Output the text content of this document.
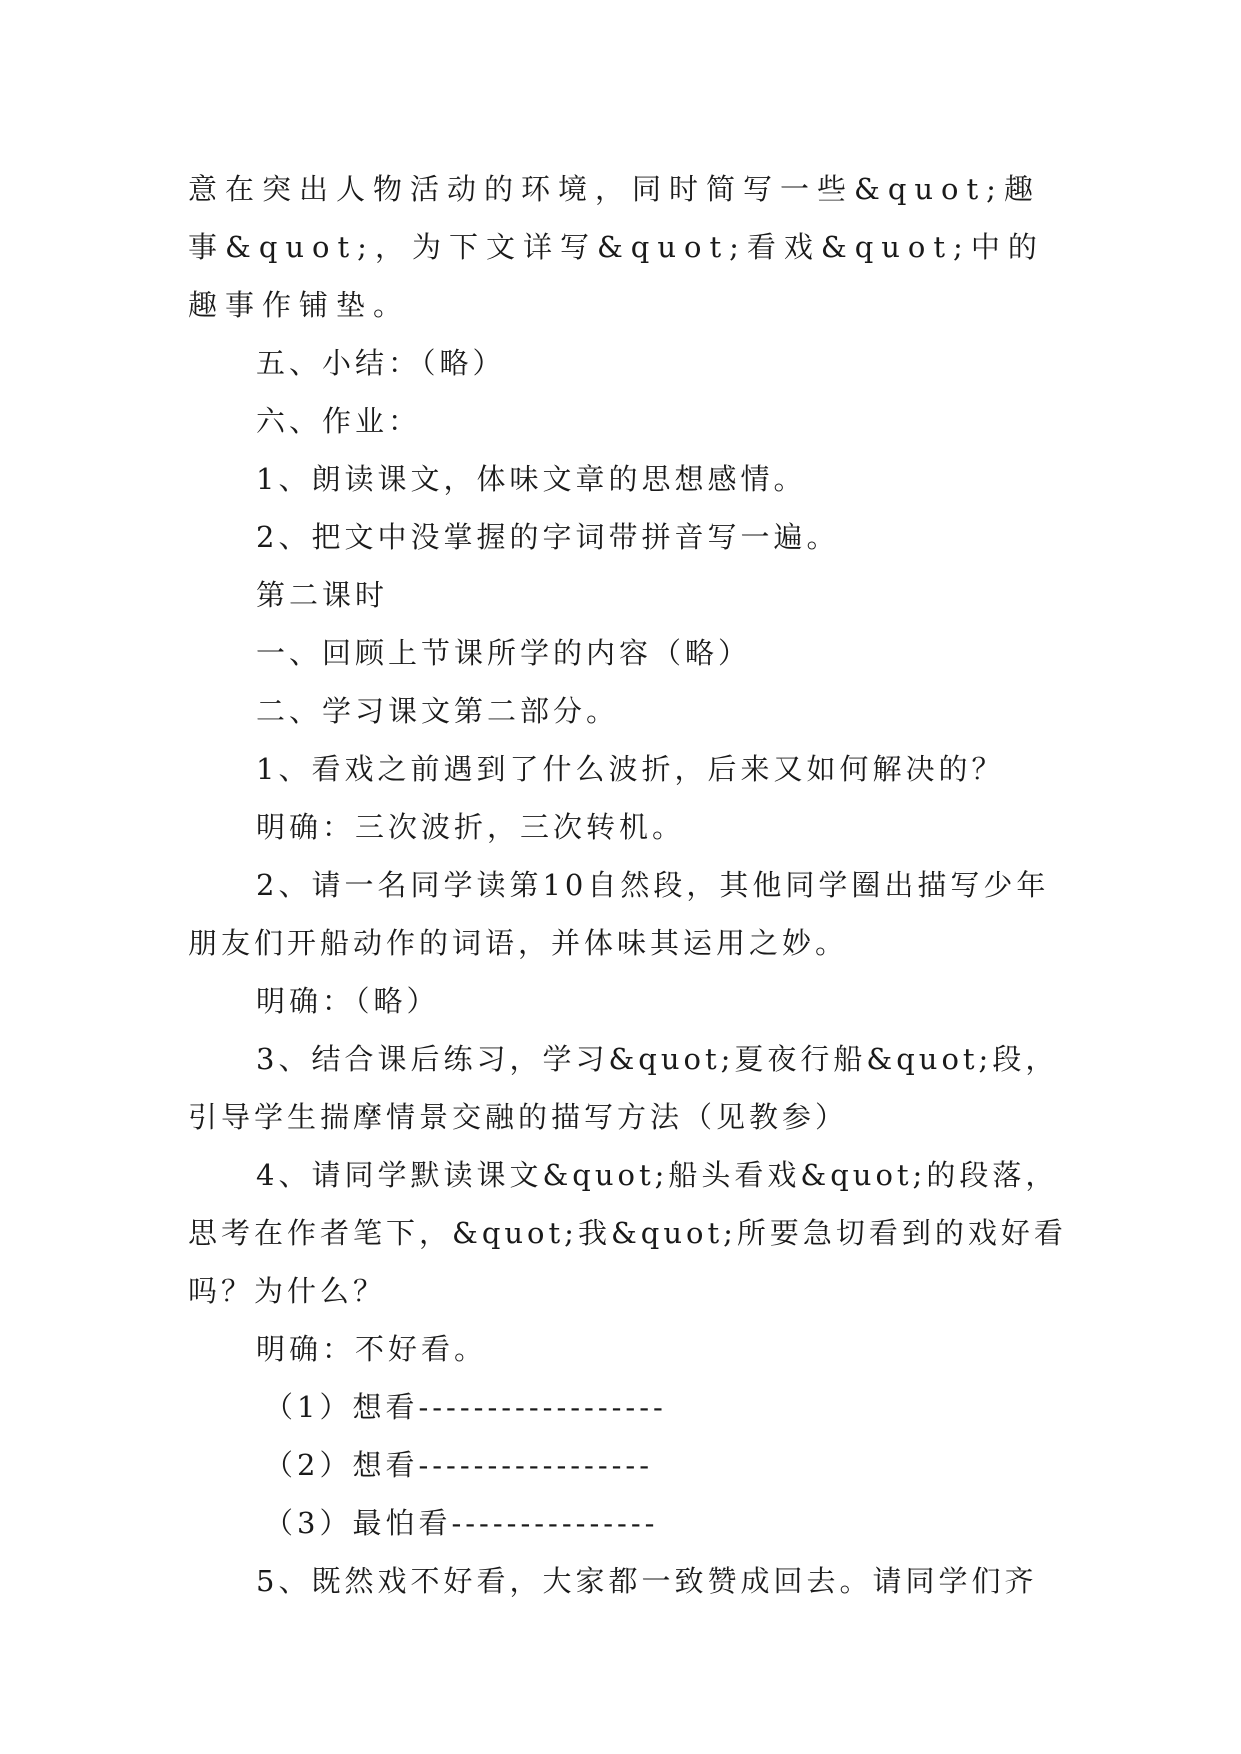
意在突出人物活动的环境，同时简写一些&quot;趣事&quot;，为下文详写&quot;看戏&quot;中的趣事作铺垫。

五、小结：（略）

六、作业：

1、朗读课文，体味文章的思想感情。

2、把文中没掌握的字词带拼音写一遍。

第二课时

一、回顾上节课所学的内容（略）

二、学习课文第二部分。

1、看戏之前遇到了什么波折，后来又如何解决的？

明确：三次波折，三次转机。

2、请一名同学读第10自然段，其他同学圈出描写少年朋友们开船动作的词语，并体味其运用之妙。

明确：（略）

3、结合课后练习，学习&quot;夏夜行船&quot;段，引导学生揣摩情景交融的描写方法（见教参）

4、请同学默读课文&quot;船头看戏&quot;的段落，思考在作者笔下，&quot;我&quot;所要急切看到的戏好看吗？为什么？

明确：不好看。

（1）想看------------------

（2）想看-----------------

（3）最怕看---------------

5、既然戏不好看，大家都一致赞成回去。请同学们齐
